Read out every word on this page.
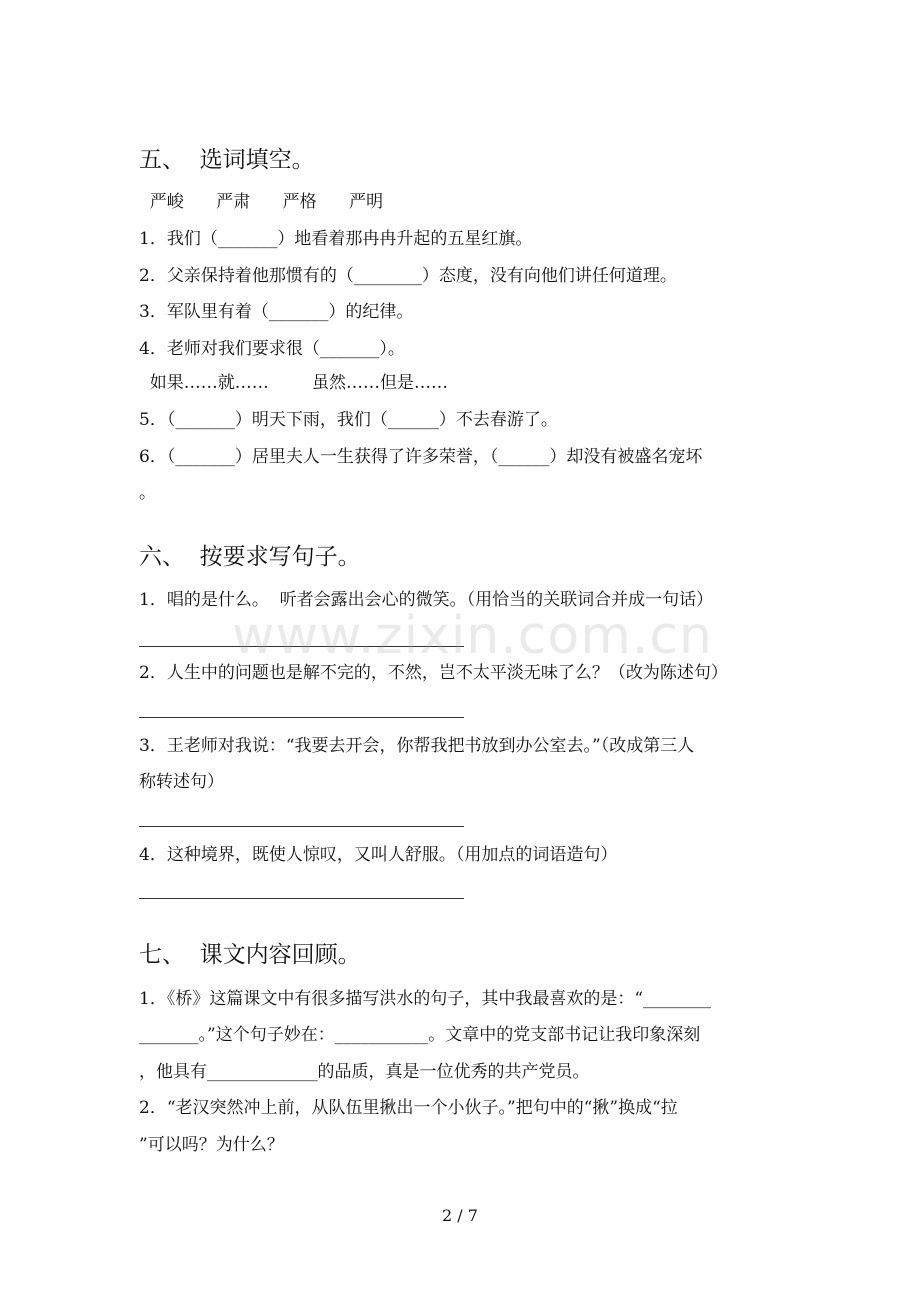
五、  选词填空。
严峻      严肃      严格      严明
1．我们（_______）地看着那冉冉升起的五星红旗。
2．父亲保持着他那惯有的（________）态度，没有向他们讲任何道理。
3．军队里有着（_______）的纪律。
4．老师对我们要求很（_______）。
如果……就……        虽然……但是……
5．（_______）明天下雨，我们（______）不去春游了。
6．（_______）居里夫人一生获得了许多荣誉，（______）却没有被盛名宠坏
。
六、  按要求写句子。
1．唱的是什么。  听者会露出会心的微笑。（用恰当的关联词合并成一句话）
2．人生中的问题也是解不完的，不然，岂不太平淡无味了么？（改为陈述句）
3．王老师对我说：“我要去开会，你帮我把书放到办公室去。”（改成第三人
称转述句）
4．这种境界，既使人惊叹，又叫人舒服。（用加点的词语造句）
七、  课文内容回顾。
1．《桥》这篇课文中有很多描写洪水的句子，其中我最喜欢的是：“________
_______。”这个句子妙在：___________。文章中的党支部书记让我印象深刻
，他具有_____________的品质，真是一位优秀的共产党员。
2．“老汉突然冲上前，从队伍里揪出一个小伙子。”把句中的“揪”换成“拉
”可以吗？为什么？
www.zixin.com.cn
2 / 7
